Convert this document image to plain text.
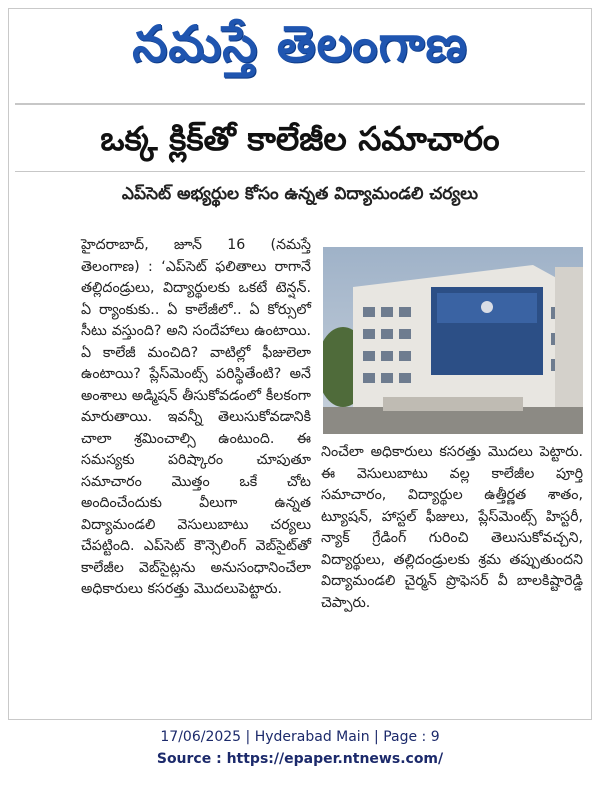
నమస్తే తెలంగాణ
ఒక్క క్లిక్‌తో కాలేజీల సమాచారం
ఎప్‌సెట్ అభ్యర్థుల కోసం ఉన్నత విద్యామండలి చర్యలు
హైదరాబాద్, జూన్ 16 (నమస్తే తెలంగాణ) : ‘ఎప్‌సెట్ ఫలితాలు రాగానే తల్లిదండ్రులు, విద్యార్థులకు ఒకటే టెన్షన్. ఏ ర్యాంకుకు.. ఏ కాలేజీలో.. ఏ కోర్సులో సీటు వస్తుంది? అని సందేహాలు ఉంటాయి. ఏ కాలేజీ మంచిది? వాటిల్లో ఫీజులెలా ఉంటాయి? ప్లేస్‌మెంట్స్ పరిస్థితేంటి? అనే అంశాలు అడ్మిషన్ తీసుకోవడంలో కీలకంగా మారుతాయి. ఇవన్నీ తెలుసుకోవడానికి చాలా శ్రమించాల్సి ఉంటుంది. ఈ సమస్యకు పరిష్కారం చూపుతూ సమాచారం మొత్తం ఒకే చోట అందించేందుకు వీలుగా ఉన్నత విద్యామండలి వెసులుబాటు చర్యలు చేపట్టింది. ఎప్‌సెట్ కౌన్సెలింగ్ వెబ్‌సైట్‌తో కాలేజీల వెబ్‌సైట్లను అనుసంధానించేలా అధికారులు కసరత్తు మొదలుపెట్టారు.
నించేలా అధికారులు కసరత్తు మొదలు పెట్టారు. ఈ వెసులుబాటు వల్ల కాలేజీల పూర్తి సమాచారం, విద్యార్థుల ఉత్తీర్ణత శాతం, ట్యూషన్, హాస్టల్ ఫీజులు, ప్లేస్‌మెంట్స్ హిస్టరీ, న్యాక్ గ్రేడింగ్ గురించి తెలుసుకోవచ్చని, విద్యార్థులు, తల్లిదండ్రులకు శ్రమ తప్పుతుందని విద్యామండలి చైర్మన్ ప్రొఫెసర్ వీ బాలకిష్టారెడ్డి చెప్పారు.
17/06/2025 | Hyderabad Main | Page : 9
Source : https://epaper.ntnews.com/
